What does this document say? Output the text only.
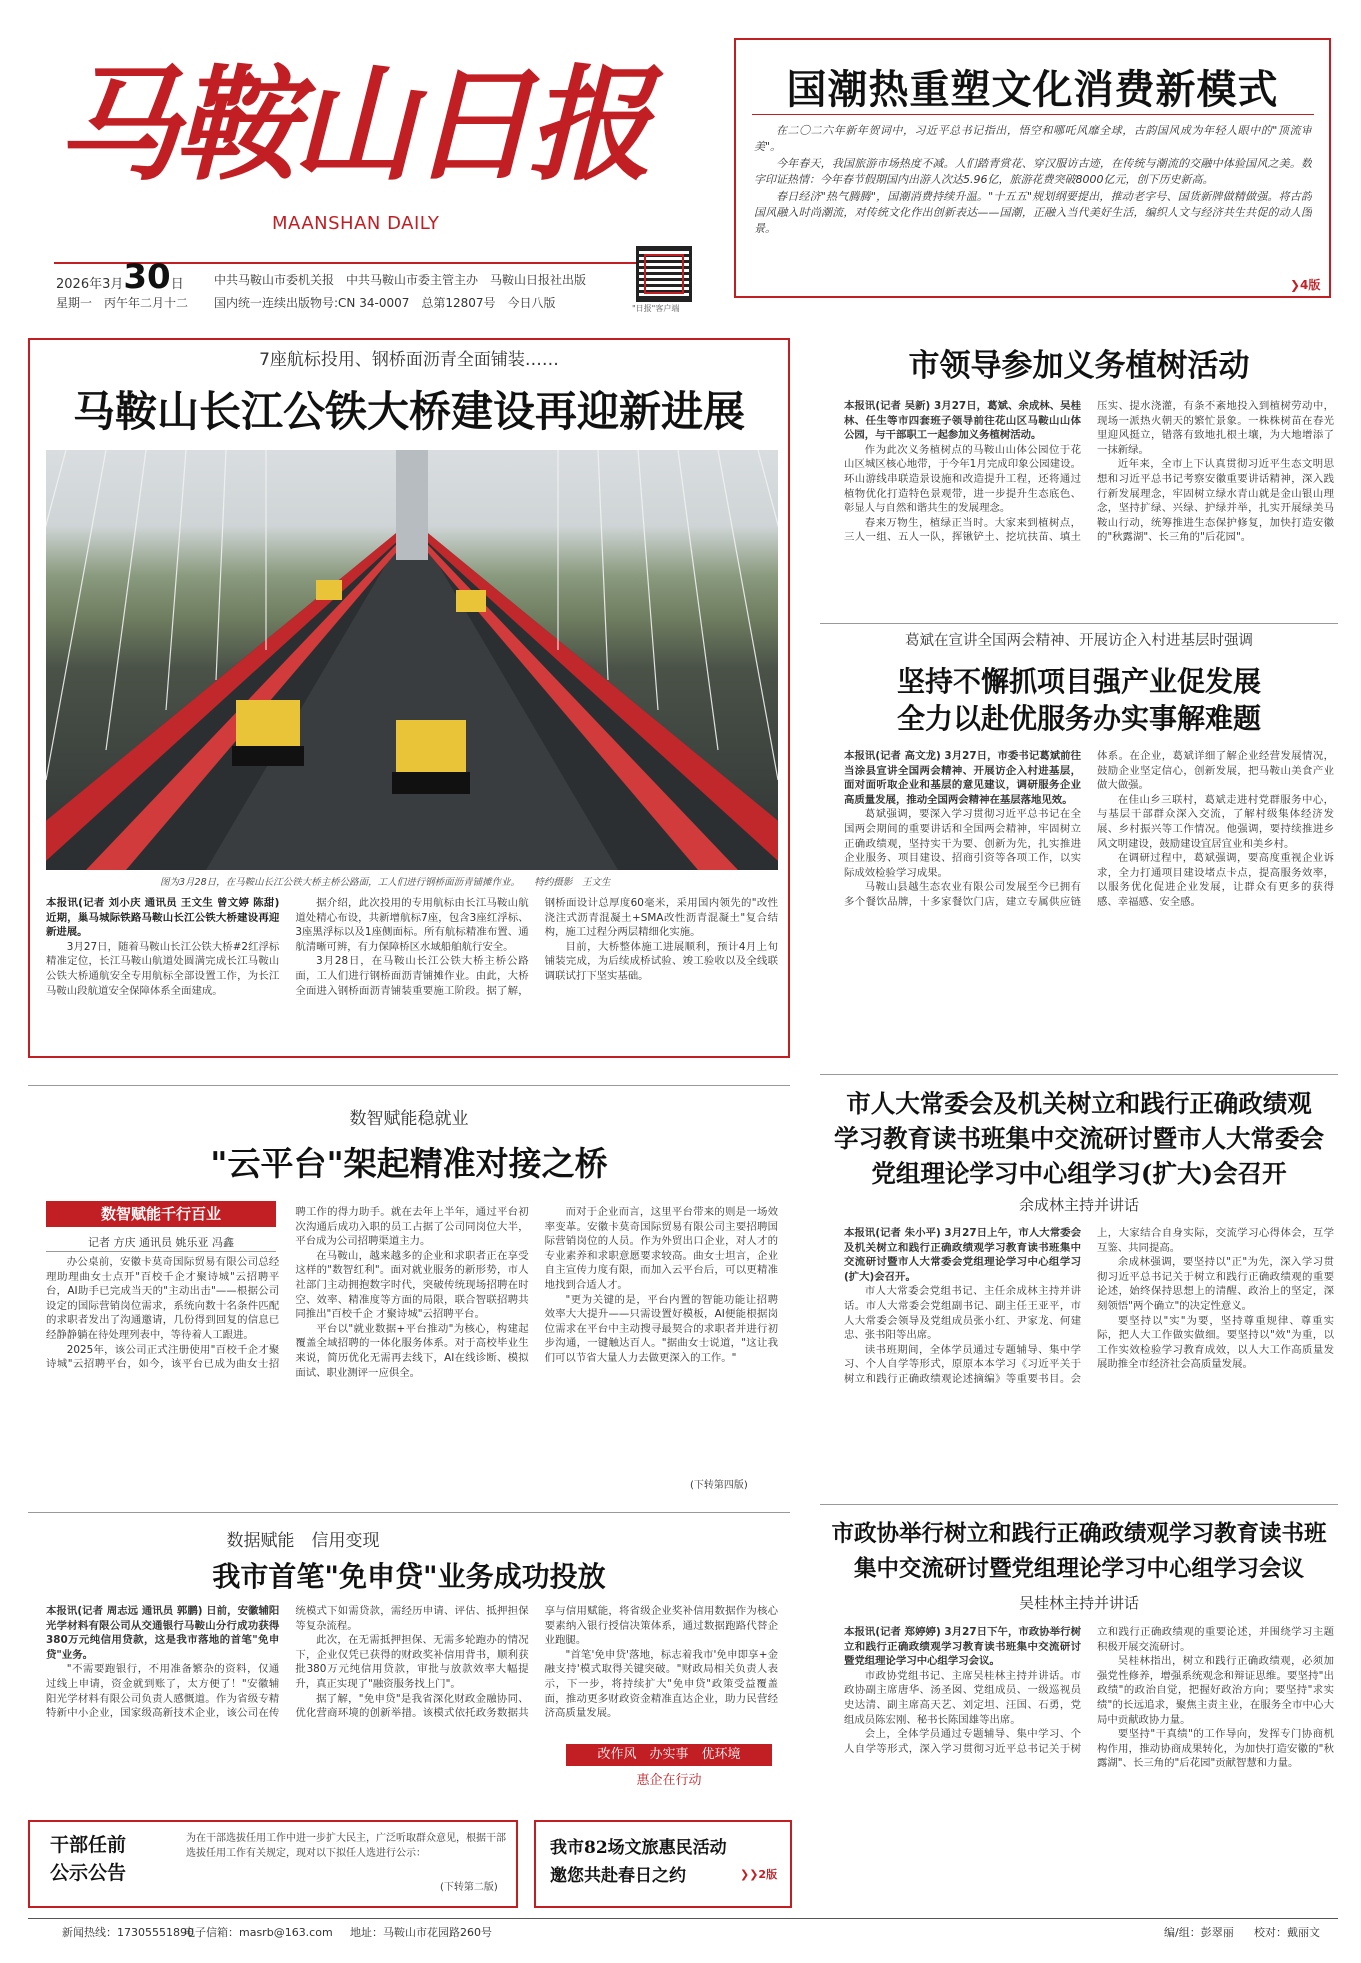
马鞍山日报
MAANSHAN DAILY
2026年3月30日
星期一　丙午年二月十二
中共马鞍山市委机关报　中共马鞍山市委主管主办　马鞍山日报社出版
国内统一连续出版物号:CN 34-0007　总第12807号　今日八版	"日报"客户端
国潮热重塑文化消费新模式

在二〇二六年新年贺词中，习近平总书记指出，悟空和哪吒风靡全球，古韵国风成为年轻人眼中的"顶流审美"。

今年春天，我国旅游市场热度不减。人们踏青赏花、穿汉服访古迹，在传统与潮流的交融中体验国风之美。数字印证热情：今年春节假期国内出游人次达5.96亿，旅游花费突破8000亿元，创下历史新高。

春日经济"热气腾腾"，国潮消费持续升温。"十五五"规划纲要提出，推动老字号、国货新牌做精做强。将古韵国风融入时尚潮流，对传统文化作出创新表达——国潮，正融入当代美好生活，编织人文与经济共生共促的动人图景。

❯4版
7座航标投用、钢桥面沥青全面铺装……
马鞍山长江公铁大桥建设再迎新进展
图为3月28日，在马鞍山长江公铁大桥主桥公路面，工人们进行钢桥面沥青铺摊作业。　　特约摄影　王文生

本报讯(记者 刘小庆 通讯员 王文生 曾文婷 陈甜) 近期，巢马城际铁路马鞍山长江公铁大桥建设再迎新进展。

3月27日，随着马鞍山长江公铁大桥#2红浮标精准定位，长江马鞍山航道处圆满完成长江马鞍山公铁大桥通航安全专用航标全部设置工作，为长江马鞍山段航道安全保障体系全面建成。

据介绍，此次投用的专用航标由长江马鞍山航道处精心布设，共新增航标7座，包含3座红浮标、3座黑浮标以及1座侧面标。所有航标精准布置、通航清晰可辨，有力保障桥区水域船舶航行安全。

3月28日，在马鞍山长江公铁大桥主桥公路面，工人们进行钢桥面沥青铺摊作业。由此，大桥全面进入钢桥面沥青铺装重要施工阶段。据了解，钢桥面设计总厚度60毫米，采用国内领先的"改性浇注式沥青混凝土+SMA改性沥青混凝土"复合结构，施工过程分两层精细化实施。

目前，大桥整体施工进展顺利，预计4月上旬铺装完成，为后续成桥试验、竣工验收以及全线联调联试打下坚实基础。

市领导参加义务植树活动

本报讯(记者 吴新) 3月27日，葛斌、余成林、吴桂林、任生等市四套班子领导前往花山区马鞍山山体公园，与干部职工一起参加义务植树活动。

作为此次义务植树点的马鞍山山体公园位于花山区城区核心地带，于今年1月完成印象公园建设。环山游线串联造景设施和改造提升工程，还将通过植物优化打造特色景观带，进一步提升生态底色、彰显人与自然和谐共生的发展理念。

春来万物生，植绿正当时。大家来到植树点，三人一组、五人一队，挥锹铲土、挖坑扶苗、填土压实、提水浇灌，有条不紊地投入到植树劳动中，现场一派热火朝天的繁忙景象。一株株树苗在春光里迎风挺立，错落有致地扎根土壤，为大地增添了一抹新绿。

近年来，全市上下认真贯彻习近平生态文明思想和习近平总书记考察安徽重要讲话精神，深入践行新发展理念，牢固树立绿水青山就是金山银山理念，坚持扩绿、兴绿、护绿并举，扎实开展绿美马鞍山行动，统筹推进生态保护修复，加快打造安徽的"秋露湖"、长三角的"后花园"。

葛斌在宣讲全国两会精神、开展访企入村进基层时强调
坚持不懈抓项目强产业促发展
全力以赴优服务办实事解难题

本报讯(记者 高文龙) 3月27日，市委书记葛斌前往当涂县宣讲全国两会精神、开展访企入村进基层，面对面听取企业和基层的意见建议，调研服务企业高质量发展，推动全国两会精神在基层落地见效。

葛斌强调，要深入学习贯彻习近平总书记在全国两会期间的重要讲话和全国两会精神，牢固树立正确政绩观，坚持实干为要、创新为先，扎实推进企业服务、项目建设、招商引资等各项工作，以实际成效检验学习成果。

马鞍山县越生态农业有限公司发展至今已拥有多个餐饮品牌，十多家餐饮门店，建立专属供应链体系。在企业，葛斌详细了解企业经营发展情况，鼓励企业坚定信心，创新发展，把马鞍山美食产业做大做强。

在佳山乡三联村，葛斌走进村党群服务中心，与基层干部群众深入交流，了解村级集体经济发展、乡村振兴等工作情况。他强调，要持续推进乡风文明建设，鼓励建设宜居宜业和美乡村。

在调研过程中，葛斌强调，要高度重视企业诉求，全力打通项目建设堵点卡点，提高服务效率，以服务优化促进企业发展，让群众有更多的获得感、幸福感、安全感。

数智赋能稳就业
"云平台"架起精准对接之桥
数智赋能千行百业
记者 方庆 通讯员 姚乐亚 冯鑫

办公桌前，安徽卡莫奇国际贸易有限公司总经理助理曲女士点开"百校千企才聚诗城"云招聘平台，AI助手已完成当天的"主动出击"——根据公司设定的国际营销岗位需求，系统向数十名条件匹配的求职者发出了沟通邀请，几份得到回复的信息已经静静躺在待处理列表中，等待着人工跟进。

2025年，该公司正式注册使用"百校千企才聚诗城"云招聘平台，如今，该平台已成为曲女士招聘工作的得力助手。就在去年上半年，通过平台初次沟通后成功入职的员工占据了公司同岗位大半，平台成为公司招聘渠道主力。

在马鞍山，越来越多的企业和求职者正在享受这样的"数智红利"。面对就业服务的新形势，市人社部门主动拥抱数字时代，突破传统现场招聘在时空、效率、精准度等方面的局限，联合智联招聘共同推出"百校千企 才聚诗城"云招聘平台。

平台以"就业数据+平台推动"为核心，构建起覆盖全域招聘的一体化服务体系。对于高校毕业生来说，简历优化无需再去线下，AI在线诊断、模拟面试、职业测评一应俱全。

而对于企业而言，这里平台带来的则是一场效率变革。安徽卡莫奇国际贸易有限公司主要招聘国际营销岗位的人员。作为外贸出口企业，对人才的专业素养和求职意愿要求较高。曲女士坦言，企业自主宣传力度有限，而加入云平台后，可以更精准地找到合适人才。

"更为关键的是，平台内置的智能功能让招聘效率大大提升——只需设置好模板，AI便能根据岗位需求在平台中主动搜寻最契合的求职者并进行初步沟通，一键触达百人。"据曲女士说道，"这让我们可以节省大量人力去做更深入的工作。"

(下转第四版)
数据赋能　信用变现
我市首笔"免申贷"业务成功投放

本报讯(记者 周志远 通讯员 郭鹏) 日前，安徽辅阳光学材料有限公司从交通银行马鞍山分行成功获得380万元纯信用贷款，这是我市落地的首笔"免申贷"业务。

"不需要跑银行，不用准备繁杂的资料，仅通过线上申请，资金就到账了，太方便了！"安徽辅阳光学材料有限公司负责人感慨道。作为省级专精特新中小企业，国家级高新技术企业，该公司在传统模式下如需贷款，需经历申请、评估、抵押担保等复杂流程。

此次，在无需抵押担保、无需多轮跑办的情况下，企业仅凭已获得的财政奖补信用背书，顺利获批380万元纯信用贷款，审批与放款效率大幅提升，真正实现了"融资服务找上门"。

据了解，"免申贷"是我省深化财政金融协同、优化营商环境的创新举措。该模式依托政务数据共享与信用赋能，将省级企业奖补信用数据作为核心要素纳入银行授信决策体系，通过数据跑路代替企业跑腿。

"首笔'免申贷'落地，标志着我市'免申即享+金融支持'模式取得关键突破。"财政局相关负责人表示，下一步，将持续扩大"免申贷"政策受益覆盖面，推动更多财政资金精准直达企业，助力民营经济高质量发展。

改作风　办实事　优环境
惠企在行动
市人大常委会及机关树立和践行正确政绩观
学习教育读书班集中交流研讨暨市人大常委会
党组理论学习中心组学习(扩大)会召开
余成林主持并讲话

本报讯(记者 朱小平) 3月27日上午，市人大常委会及机关树立和践行正确政绩观学习教育读书班集中交流研讨暨市人大常委会党组理论学习中心组学习(扩大)会召开。

市人大常委会党组书记、主任余成林主持并讲话。市人大常委会党组副书记、副主任王亚平，市人大常委会领导及党组成员张小红、尹家龙、何建忠、张书阳等出席。

读书班期间，全体学员通过专题辅导、集中学习、个人自学等形式，原原本本学习《习近平关于树立和践行正确政绩观论述摘编》等重要书目。会上，大家结合自身实际，交流学习心得体会，互学互鉴、共同提高。

余成林强调，要坚持以"正"为先，深入学习贯彻习近平总书记关于树立和践行正确政绩观的重要论述，始终保持思想上的清醒、政治上的坚定，深刻领悟"两个确立"的决定性意义。

要坚持以"实"为要，坚持尊重规律、尊重实际，把人大工作做实做细。要坚持以"效"为重，以工作实效检验学习教育成效，以人大工作高质量发展助推全市经济社会高质量发展。

市政协举行树立和践行正确政绩观学习教育读书班
集中交流研讨暨党组理论学习中心组学习会议
吴桂林主持并讲话

本报讯(记者 郑婷婷) 3月27日下午，市政协举行树立和践行正确政绩观学习教育读书班集中交流研讨暨党组理论学习中心组学习会议。

市政协党组书记、主席吴桂林主持并讲话。市政协副主席唐华、汤圣囡、党组成员、一级巡视员史达清、副主席高天艺、刘定坦、汪国、石勇，党组成员陈宏刚、秘书长陈国雄等出席。

会上，全体学员通过专题辅导、集中学习、个人自学等形式，深入学习贯彻习近平总书记关于树立和践行正确政绩观的重要论述，并围绕学习主题积极开展交流研讨。

吴桂林指出，树立和践行正确政绩观，必须加强党性修养，增强系统观念和辩证思维。要坚持"出政绩"的政治自觉，把握好政治方向；要坚持"求实绩"的长远追求，聚焦主责主业，在服务全市中心大局中贡献政协力量。

要坚持"干真绩"的工作导向，发挥专门协商机构作用，推动协商成果转化，为加快打造安徽的"秋露湖"、长三角的"后花园"贡献智慧和力量。

干部任前
公示公告
为在干部选拔任用工作中进一步扩大民主，广泛听取群众意见，根据干部选拔任用工作有关规定，现对以下拟任人选进行公示：
(下转第二版)
我市82场文旅惠民活动
邀您共赴春日之约	❯❯2版
新闻热线：17305551890
电子信箱：masrb@163.com 地址：马鞍山市花园路260号	编/组：彭翠丽 校对：戴丽文
